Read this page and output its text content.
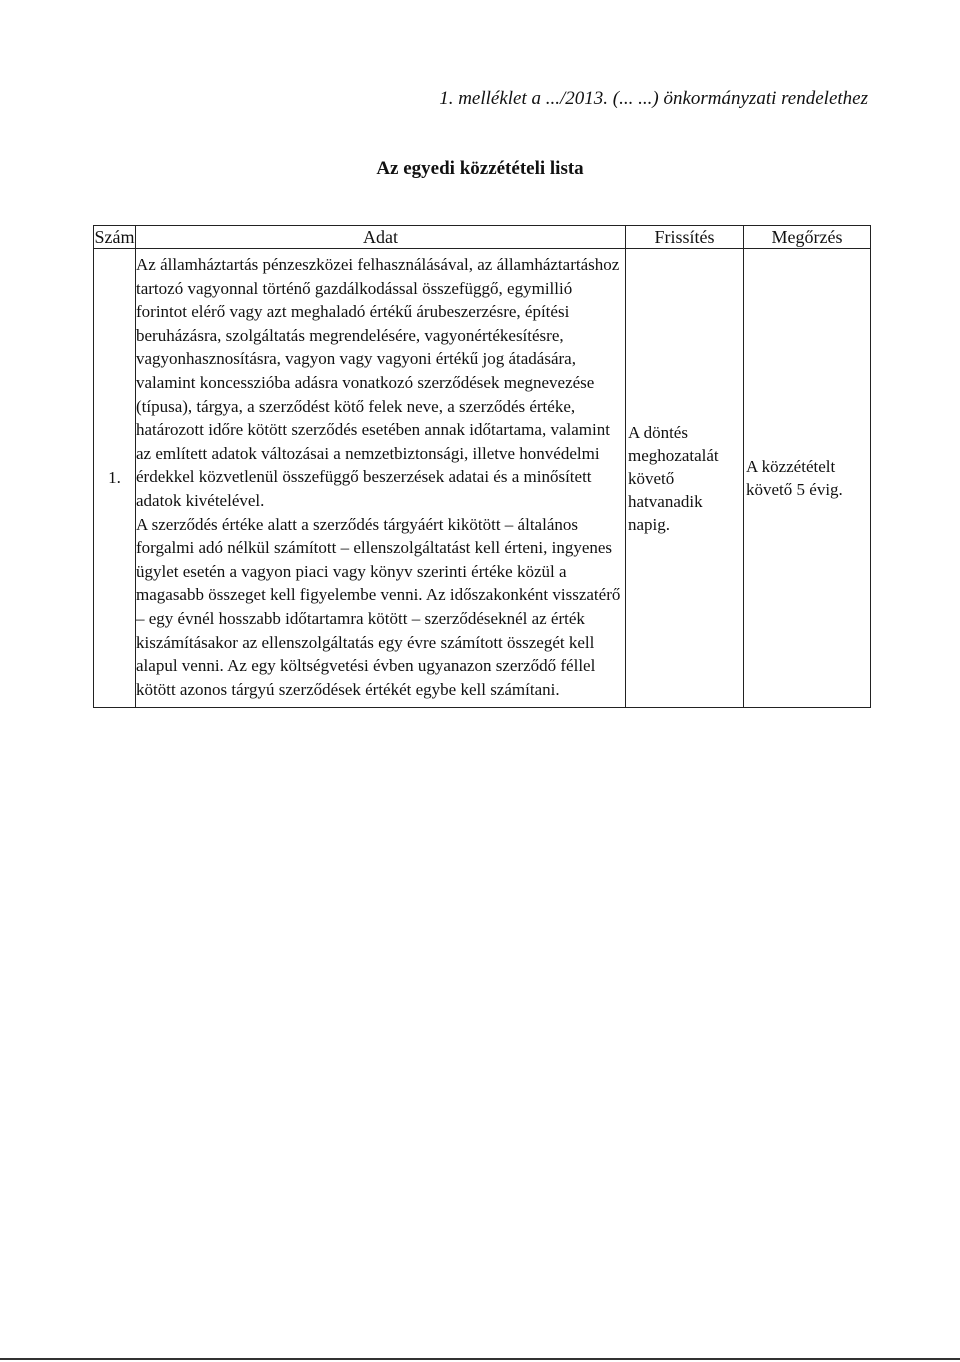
1. melléklet a .../2013. (... ...) önkormányzati rendelethez
Az egyedi közzétételi lista
Szám	Adat	Frissítés	Megőrzés
1.	Az államháztartás pénzeszközei felhasználásával, az államháztartáshoz tartozó vagyonnal történő gazdálkodással összefüggő, egymillió forintot elérő vagy azt meghaladó értékű árubeszerzésre, építési beruházásra, szolgáltatás megrendelésére, vagyonértékesítésre, vagyonhasznosításra, vagyon vagy vagyoni értékű jog átadására, valamint koncesszióba adásra vonatkozó szerződések megnevezése (típusa), tárgya, a szerződést kötő felek neve, a szerződés értéke, határozott időre kötött szerződés esetében annak időtartama, valamint az említett adatok változásai a nemzetbiztonsági, illetve honvédelmi érdekkel közvetlenül összefüggő beszerzések adatai és a minősített adatok kivételével.

A szerződés értéke alatt a szerződés tárgyáért kikötött – általános forgalmi adó nélkül számított – ellenszolgáltatást kell érteni, ingyenes ügylet esetén a vagyon piaci vagy könyv szerinti értéke közül a magasabb összeget kell figyelembe venni. Az időszakonként visszatérő – egy évnél hosszabb időtartamra kötött – szerződéseknél az érték kiszámításakor az ellenszolgáltatás egy évre számított összegét kell alapul venni. Az egy költségvetési évben ugyanazon szerződő féllel kötött azonos tárgyú szerződések értékét egybe kell számítani.	A döntés meghozatalát követő hatvanadik napig.	A közzétételt követő 5 évig.
